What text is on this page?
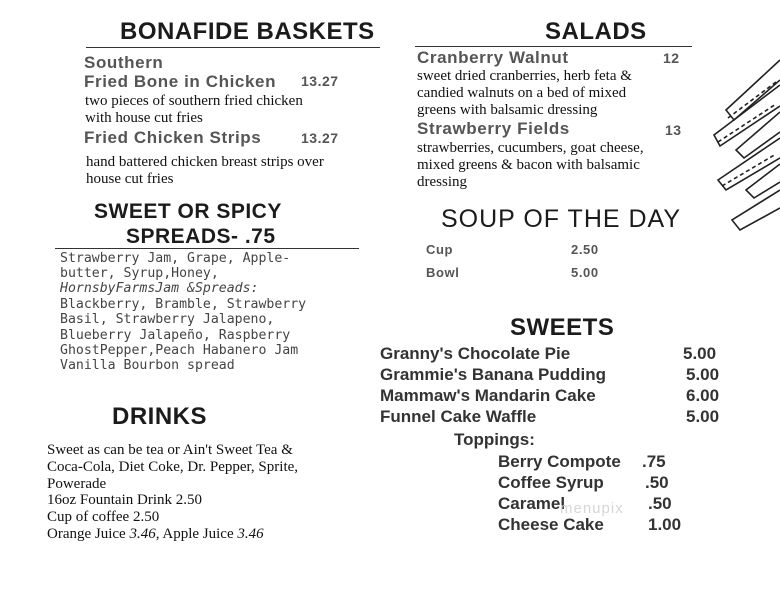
BONAFIDE BASKETS
Southern
Fried Bone in Chicken 13.27
two pieces of southern fried chicken
with house cut fries
Fried Chicken Strips	13.27
hand battered chicken breast strips over
house cut fries
SWEET OR SPICY
SPREADS- .75
Strawberry Jam, Grape, Apple-
butter, Syrup,Honey,
HornsbyFarmsJam &Spreads:
Blackberry, Bramble, Strawberry
Basil, Strawberry Jalapeno,
Blueberry Jalapeño, Raspberry
GhostPepper,Peach Habanero Jam
Vanilla Bourbon spread
DRINKS
Sweet as can be tea or Ain't Sweet Tea &
Coca-Cola, Diet Coke, Dr. Pepper, Sprite,
Powerade
16oz Fountain Drink 2.50
Cup of coffee 2.50
Orange Juice 3.46, Apple Juice 3.46
SALADS
Cranberry Walnut	12
sweet dried cranberries, herb feta &
candied walnuts on a bed of mixed
greens with balsamic dressing
Strawberry Fields	13
strawberries, cucumbers, goat cheese,
mixed greens & bacon with balsamic
dressing
SOUP OF THE DAY
Cup	2.50
Bowl	5.00
SWEETS
Granny's Chocolate Pie	5.00
Grammie's Banana Pudding	5.00
Mammaw's Mandarin Cake	6.00
Funnel Cake Waffle	5.00
Toppings:
Berry Compote .75
Coffee Syrup .50
Caramel	.50
Cheese Cake	1.00
menupix
